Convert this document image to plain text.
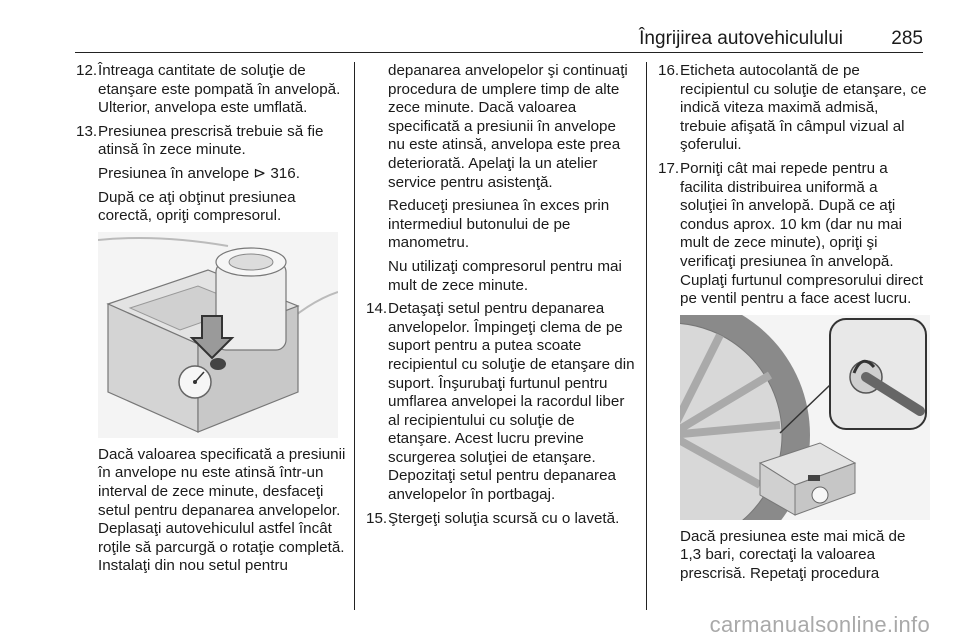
Îngrijirea autovehiculului	285
12. Întreaga cantitate de soluţie de etanşare este pompată în anvelopă. Ulterior, anvelopa este umflată.
13. Presiunea prescrisă trebuie să fie atinsă în zece minute.
Presiunea în anvelope ⊳ 316.
După ce aţi obţinut presiunea corectă, opriţi compresorul.
Dacă valoarea specificată a presiunii în anvelope nu este atinsă într-un interval de zece minute, desfaceţi setul pentru depanarea anvelopelor. Deplasaţi autovehiculul astfel încât roţile să parcurgă o rotaţie completă. Instalaţi din nou setul pentru
depanarea anvelopelor şi continuaţi procedura de umplere timp de alte zece minute. Dacă valoarea specificată a presiunii în anvelope nu este atinsă, anvelopa este prea deteriorată. Apelaţi la un atelier service pentru asistenţă.
Reduceţi presiunea în exces prin intermediul butonului de pe manometru.
Nu utilizaţi compresorul pentru mai mult de zece minute.
14. Detaşaţi setul pentru depanarea anvelopelor. Împingeţi clema de pe suport pentru a putea scoate recipientul cu soluţie de etanşare din suport. Înşurubaţi furtunul pentru umflarea anvelopei la racordul liber al recipientului cu soluţie de etanşare. Acest lucru previne scurgerea soluţiei de etanşare. Depozitaţi setul pentru depanarea anvelopelor în portbagaj.
15. Ştergeţi soluţia scursă cu o lavetă.
16. Eticheta autocolantă de pe recipientul cu soluţie de etanşare, ce indică viteza maximă admisă, trebuie afişată în câmpul vizual al şoferului.
17. Porniţi cât mai repede pentru a facilita distribuirea uniformă a soluţiei în anvelopă. După ce aţi condus aprox. 10 km (dar nu mai mult de zece minute), opriţi şi verificaţi presiunea în anvelopă. Cuplaţi furtunul compresorului direct pe ventil pentru a face acest lucru.
Dacă presiunea este mai mică de 1,3 bari, corectaţi la valoarea prescrisă. Repetaţi procedura
carmanualsonline.info
